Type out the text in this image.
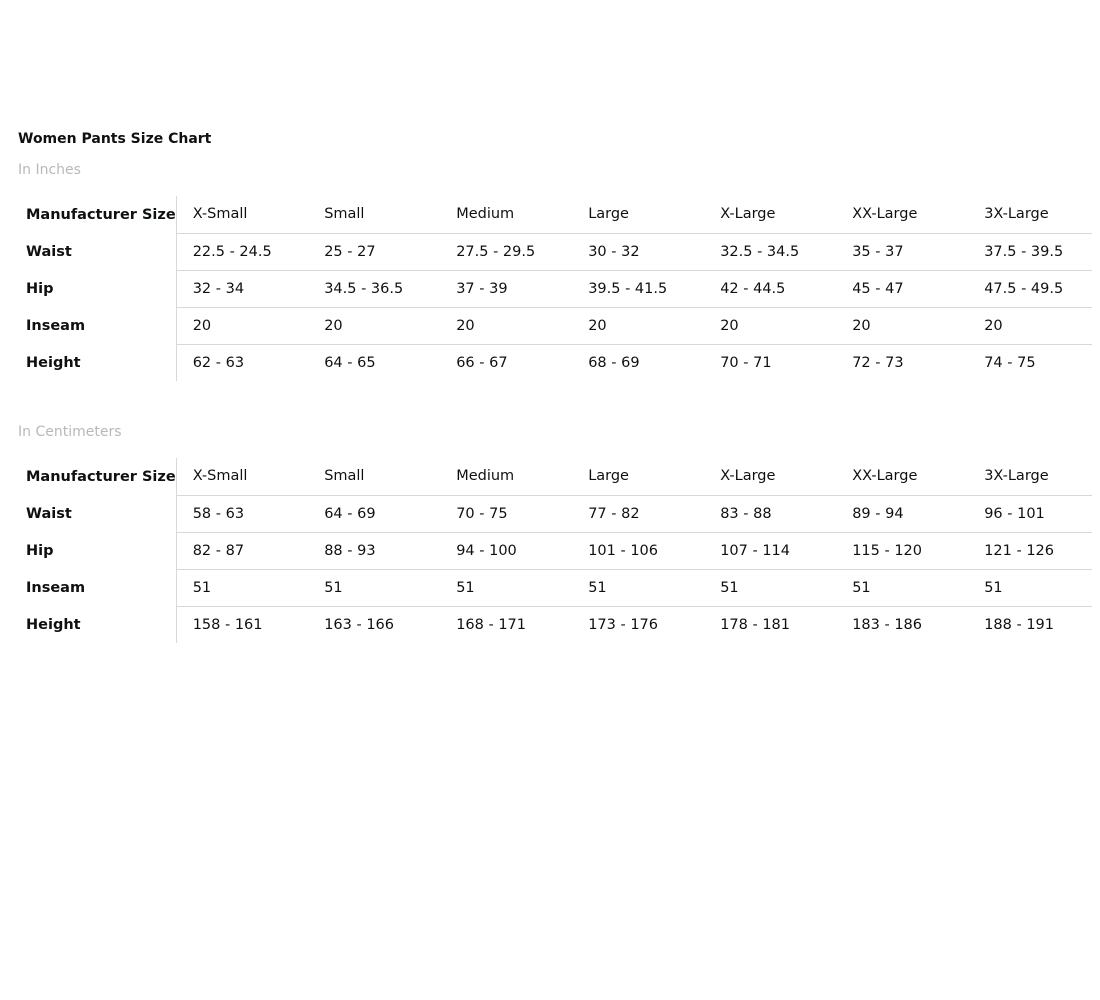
Women Pants Size Chart
In Inches
Manufacturer Size	X-Small	Small	Medium	Large	X-Large	XX-Large	3X-Large
Waist	22.5 - 24.5	25 - 27	27.5 - 29.5	30 - 32	32.5 - 34.5	35 - 37	37.5 - 39.5
Hip	32 - 34	34.5 - 36.5	37 - 39	39.5 - 41.5	42 - 44.5	45 - 47	47.5 - 49.5
Inseam	20	20	20	20	20	20	20
Height	62 - 63	64 - 65	66 - 67	68 - 69	70 - 71	72 - 73	74 - 75
In Centimeters
Manufacturer Size	X-Small	Small	Medium	Large	X-Large	XX-Large	3X-Large
Waist	58 - 63	64 - 69	70 - 75	77 - 82	83 - 88	89 - 94	96 - 101
Hip	82 - 87	88 - 93	94 - 100	101 - 106	107 - 114	115 - 120	121 - 126
Inseam	51	51	51	51	51	51	51
Height	158 - 161	163 - 166	168 - 171	173 - 176	178 - 181	183 - 186	188 - 191
